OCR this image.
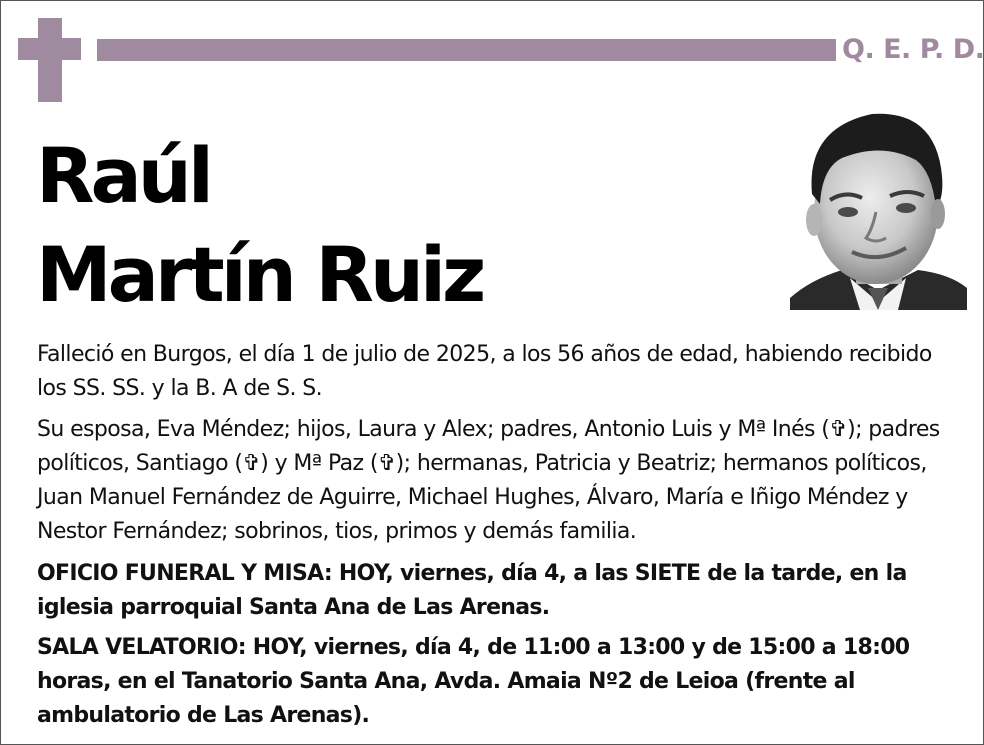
Q. E. P. D.
Raúl
Martín Ruiz
Falleció en Burgos, el día 1 de julio de 2025, a los 56 años de edad, habiendo recibido los SS. SS. y la B. A de S. S.
Su esposa, Eva Méndez; hijos, Laura y Alex; padres, Antonio Luis y Mª Inés (✞); padres políticos, Santiago (✞) y Mª Paz (✞); hermanas, Patricia y Beatriz; hermanos políticos, Juan Manuel Fernández de Aguirre, Michael Hughes, Álvaro, María e Iñigo Méndez y Nestor Fernández; sobrinos, tios, primos y demás familia.
OFICIO FUNERAL Y MISA: HOY, viernes, día 4, a las SIETE de la tarde, en la iglesia parroquial Santa Ana de Las Arenas.
SALA VELATORIO: HOY, viernes, día 4, de 11:00 a 13:00 y de 15:00 a 18:00 horas, en el Tanatorio Santa Ana, Avda. Amaia Nº2 de Leioa (frente al ambulatorio de Las Arenas).
